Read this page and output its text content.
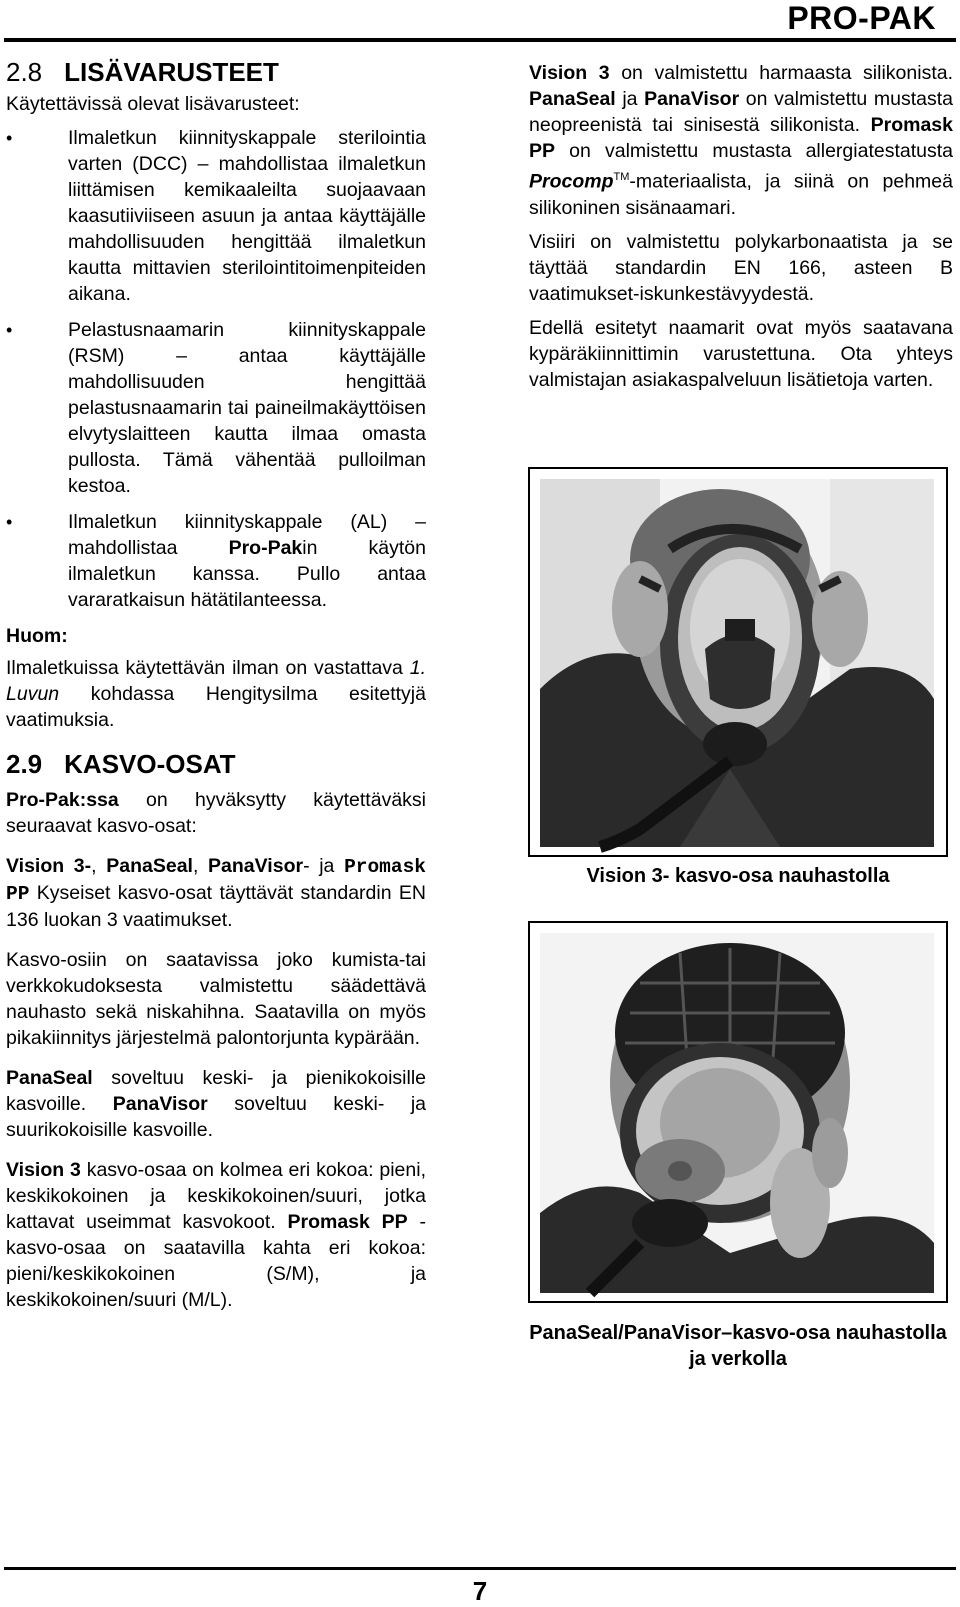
PRO-PAK
2.8 LISÄVARUSTEET

Käytettävissä olevat lisävarusteet:

• Ilmaletkun kiinnityskappale sterilointia varten (DCC) – mahdollistaa ilmaletkun liittämisen kemikaaleilta suojaavaan kaasutiiviiseen asuun ja antaa käyttäjälle mahdollisuuden hengittää ilmaletkun kautta mittavien sterilointitoimenpiteiden aikana.
• Pelastusnaamarin kiinnityskappale (RSM) – antaa käyttäjälle mahdollisuuden hengittää pelastusnaamarin tai paineilmakäyttöisen elvytyslaitteen kautta ilmaa omasta pullosta. Tämä vähentää pulloilman kestoa.
• Ilmaletkun kiinnityskappale (AL) – mahdollistaa Pro-Pakin käytön ilmaletkun kanssa. Pullo antaa vararatkaisun hätätilanteessa.
Huom:

Ilmaletkuissa käytettävän ilman on vastattava 1. Luvun kohdassa Hengitysilma esitettyjä vaatimuksia.

2.9 KASVO-OSAT

Pro-Pak:ssa on hyväksytty käytettäväksi seuraavat kasvo-osat:

Vision 3-, PanaSeal, PanaVisor- ja Promask PP Kyseiset kasvo-osat täyttävät standardin EN 136 luokan 3 vaatimukset.

Kasvo-osiin on saatavissa joko kumista-tai verkkokudoksesta valmistettu säädettävä nauhasto sekä niskahihna. Saatavilla on myös pikakiinnitys järjestelmä palontorjunta kypärään.

PanaSeal soveltuu keski- ja pienikokoisille kasvoille. PanaVisor soveltuu keski- ja suurikokoisille kasvoille.

Vision 3 kasvo-osaa on kolmea eri kokoa: pieni, keskikokoinen ja keskikokoinen/suuri, jotka kattavat useimmat kasvokoot. Promask PP - kasvo-osaa on saatavilla kahta eri kokoa: pieni/keskikokoinen (S/M), ja keskikokoinen/suuri (M/L).

Vision 3 on valmistettu harmaasta silikonista. PanaSeal ja PanaVisor on valmistettu mustasta neopreenistä tai sinisestä silikonista. Promask PP on valmistettu mustasta allergiatestatusta Procomp™-materiaalista, ja siinä on pehmeä silikoninen sisänaamari.

Visiiri on valmistettu polykarbonaatista ja se täyttää standardin EN 166, asteen B vaatimukset-iskunkestävyydestä.

Edellä esitetyt naamarit ovat myös saatavana kypäräkiinnittimin varustettuna. Ota yhteys valmistajan asiakaspalveluun lisätietoja varten.

Vision 3- kasvo-osa nauhastolla
PanaSeal/PanaVisor–kasvo-osa nauhastolla ja verkolla
7
